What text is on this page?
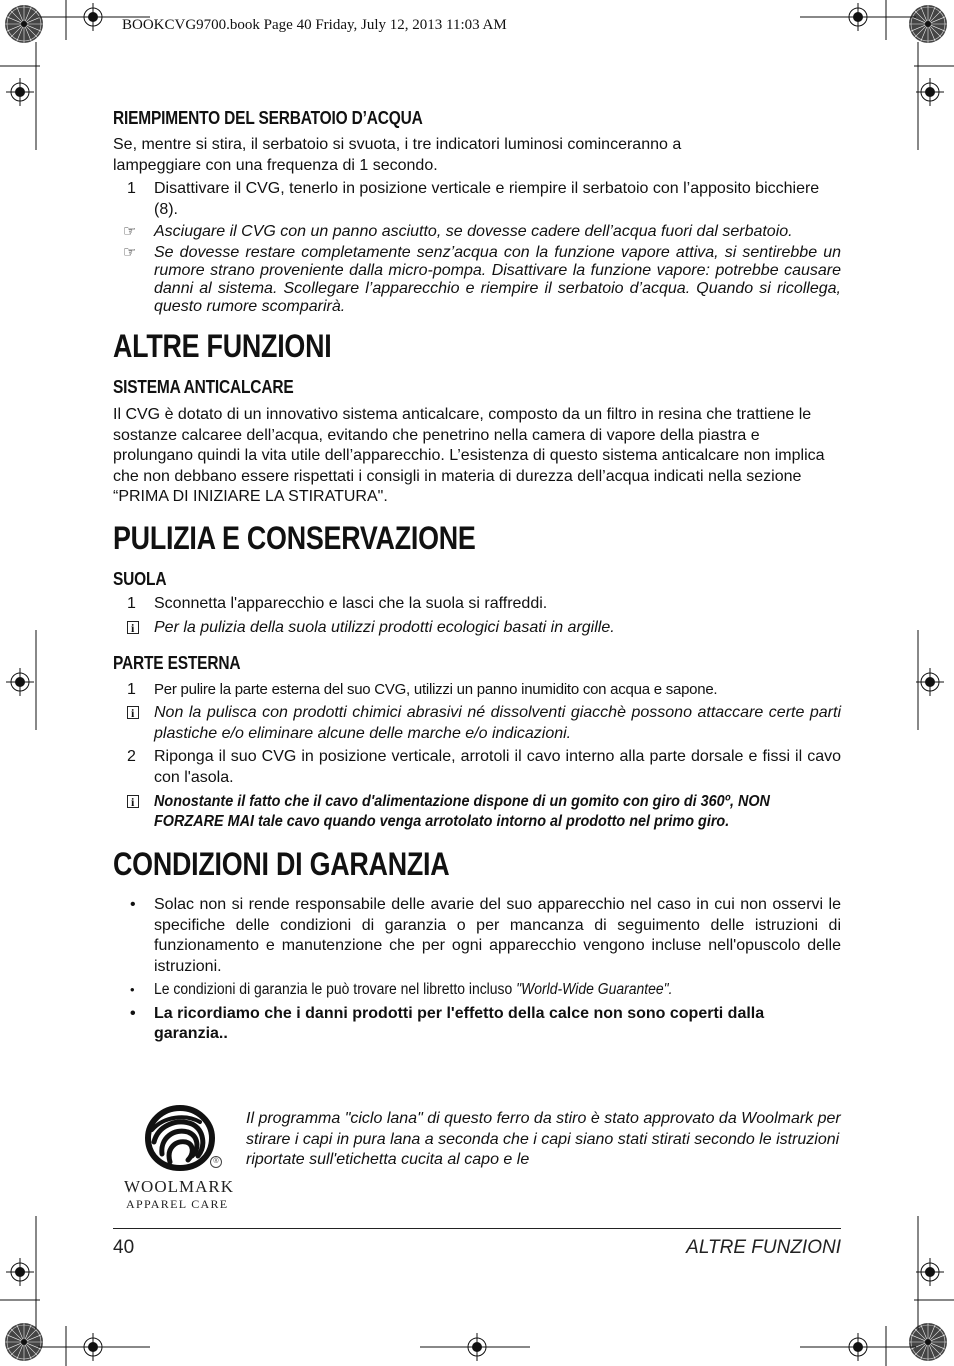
BOOKCVG9700.book Page 40 Friday, July 12, 2013 11:03 AM

RIEMPIMENTO DEL SERBATOIO D’ACQUA

Se, mentre si stira, il serbatoio si svuota, i tre indicatori luminosi cominceranno a lampeggiare con una frequenza di 1 secondo.

1	Disattivare il CVG, tenerlo in posizione verticale e riempire il serbatoio con l’apposito bicchiere (8).
☞	Asciugare il CVG con un panno asciutto, se dovesse cadere dell’acqua fuori dal serbatoio.
☞	Se dovesse restare completamente senz’acqua con la funzione vapore attiva, si sentirebbe un rumore strano proveniente dalla micro-pompa. Disattivare la funzione vapore: potrebbe causare danni al sistema. Scollegare l’apparecchio e riempire il serbatoio d’acqua. Quando si ricollega, questo rumore scomparirà.

ALTRE FUNZIONI

SISTEMA ANTICALCARE

Il CVG è dotato di un innovativo sistema anticalcare, composto da un filtro in resina che trattiene le sostanze calcaree dell’acqua, evitando che penetrino nella camera di vapore della piastra e prolungano quindi la vita utile dell’apparecchio. L’esistenza di questo sistema anticalcare non implica che non debbano essere rispettati i consigli in materia di durezza dell’acqua indicati nella sezione “PRIMA DI INIZIARE LA STIRATURA".

PULIZIA E CONSERVAZIONE

SUOLA

1	Sconnetta l'apparecchio e lasci che la suola si raffreddi.
i
Per la pulizia della suola utilizzi prodotti ecologici basati in argille.

PARTE ESTERNA

1	Per pulire la parte esterna del suo CVG, utilizzi un panno inumidito con acqua e sapone.
i
Non la pulisca con prodotti chimici abrasivi né dissolventi giacchè possono attaccare certe parti plastiche e/o eliminare alcune delle marche e/o indicazioni.
2	Riponga il suo CVG in posizione verticale, arrotoli il cavo interno alla parte dorsale e fissi il cavo con l'asola.
i
Nonostante il fatto che il cavo d'alimentazione dispone di un gomito con giro di 360º, NON FORZARE MAI tale cavo quando venga arrotolato intorno al prodotto nel primo giro.

CONDIZIONI DI GARANZIA

•	Solac non si rende responsabile delle avarie del suo apparecchio nel caso in cui non osservi le specifiche delle condizioni di garanzia o per mancanza di seguimento delle istruzioni di funzionamento e manutenzione che per ogni apparecchio vengono incluse nell'opuscolo delle istruzioni.
•	Le condizioni di garanzia le può trovare nel libretto incluso "World-Wide Guarantee".
•	La ricordiamo che i danni prodotti per l'effetto della calce non sono coperti dalla garanzia..
®
WOOLMARK
APPAREL CARE
Il programma "ciclo lana" di questo ferro da stiro è stato approvato da Woolmark per stirare i capi in pura lana a seconda che i capi siano stati stirati secondo le istruzioni riportate sull'etichetta cucita al capo e le
40	ALTRE FUNZIONI
